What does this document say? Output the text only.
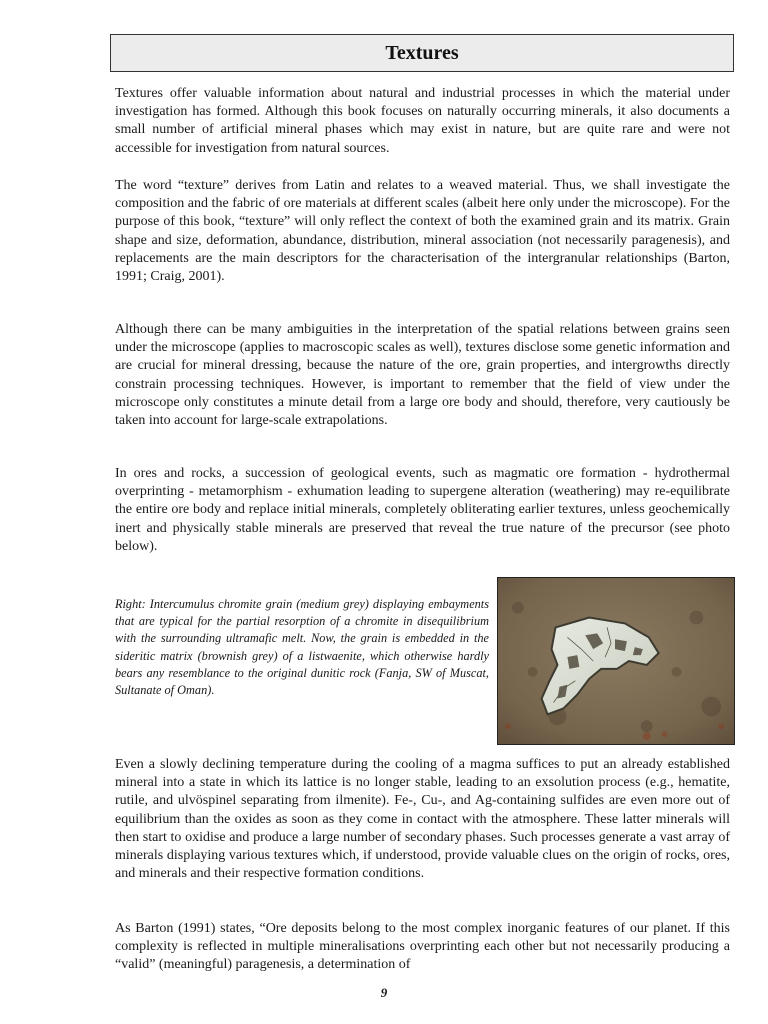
Textures

Textures offer valuable information about natural and industrial processes in which the material under investigation has formed. Although this book focuses on naturally occurring minerals, it also documents a small number of artificial mineral phases which may exist in nature, but are quite rare and were not accessible for investigation from natural sources.

The word “texture” derives from Latin and relates to a weaved material. Thus, we shall investigate the composition and the fabric of ore materials at different scales (albeit here only under the microscope). For the purpose of this book, “texture” will only reflect the context of both the examined grain and its matrix. Grain shape and size, deformation, abundance, distribution, mineral association (not necessarily paragenesis), and replacements are the main descriptors for the characterisation of the intergranular relationships (Barton, 1991; Craig, 2001).

Although there can be many ambiguities in the interpretation of the spatial relations between grains seen under the microscope (applies to macroscopic scales as well), textures disclose some genetic information and are crucial for mineral dressing, because the nature of the ore, grain properties, and intergrowths directly constrain processing techniques. However, is important to remember that the field of view under the microscope only constitutes a minute detail from a large ore body and should, therefore, very cautiously be taken into account for large-scale extrapolations.

In ores and rocks, a succession of geological events, such as magmatic ore formation - hydrothermal overprinting - metamorphism - exhumation leading to supergene alteration (weathering) may re-equilibrate the entire ore body and replace initial minerals, completely obliterating earlier textures, unless geochemically inert and physically stable minerals are preserved that reveal the true nature of the precursor (see photo below).

Right: Intercumulus chromite grain (medium grey) displaying embayments that are typical for the partial resorption of a chromite in disequilibrium with the surrounding ultramafic melt. Now, the grain is embedded in the sideritic matrix (brownish grey) of a listwaenite, which otherwise hardly bears any resemblance to the original dunitic rock (Fanja, SW of Muscat, Sultanate of Oman).

Even a slowly declining temperature during the cooling of a magma suffices to put an already established mineral into a state in which its lattice is no longer stable, leading to an exsolution process (e.g., hematite, rutile, and ulvöspinel separating from ilmenite). Fe-, Cu-, and Ag-containing sulfides are even more out of equilibrium than the oxides as soon as they come in contact with the atmosphere. These latter minerals will then start to oxidise and produce a large number of secondary phases. Such processes generate a vast array of minerals displaying various textures which, if understood, provide valuable clues on the origin of rocks, ores, and minerals and their respective formation conditions.

As Barton (1991) states, “Ore deposits belong to the most complex inorganic features of our planet. If this complexity is reflected in multiple mineralisations overprinting each other but not necessarily producing a “valid” (meaningful) paragenesis, a determination of

9
